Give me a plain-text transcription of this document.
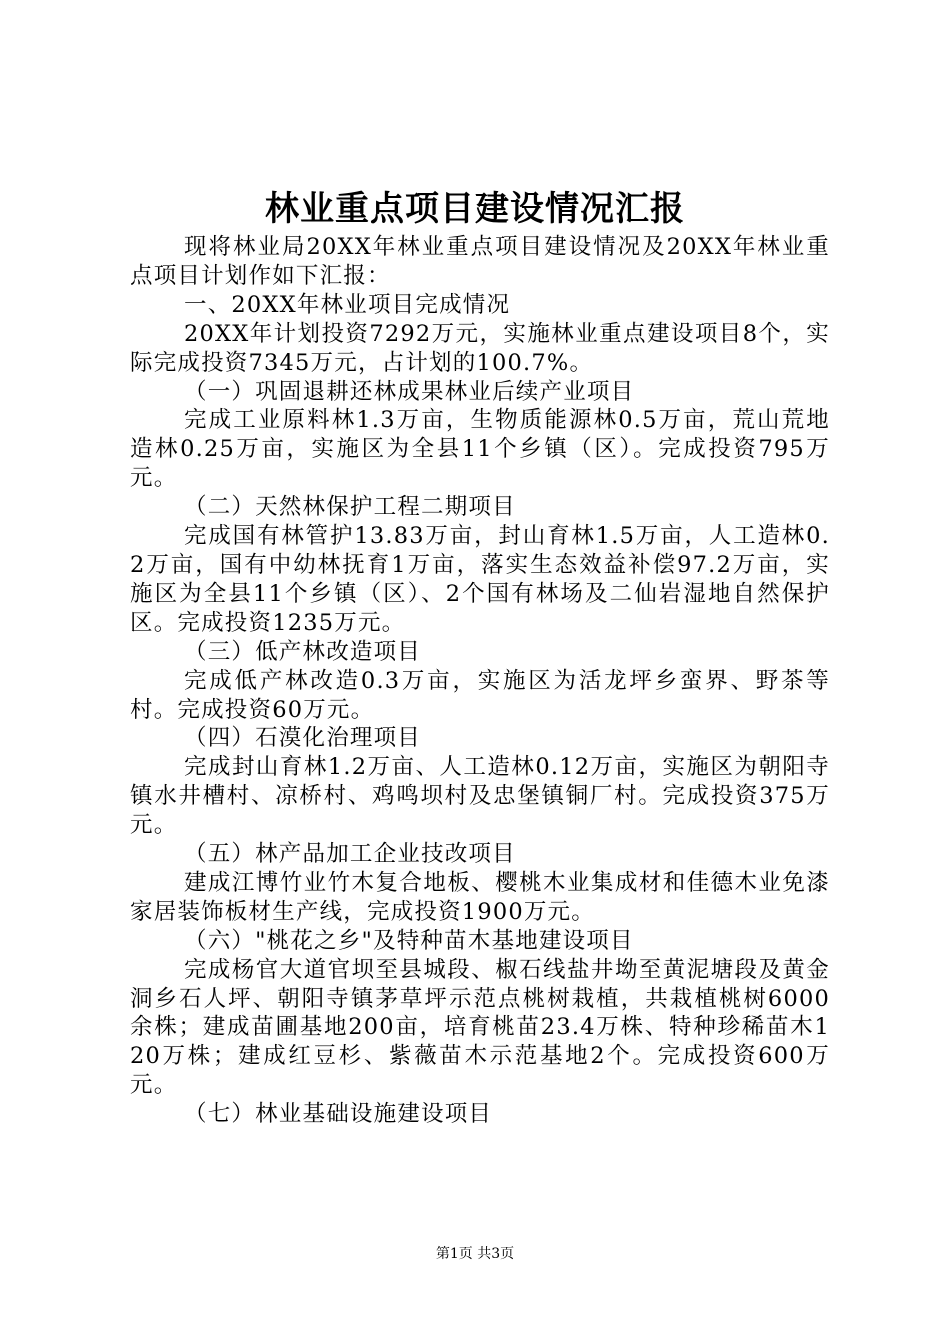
林业重点项目建设情况汇报

现将林业局20XX年林业重点项目建设情况及20XX年林业重点项目计划作如下汇报：

一、20XX年林业项目完成情况

20XX年计划投资7292万元，实施林业重点建设项目8个，实际完成投资7345万元，占计划的100.7%。

（一）巩固退耕还林成果林业后续产业项目

完成工业原料林1.3万亩，生物质能源林0.5万亩，荒山荒地造林0.25万亩，实施区为全县11个乡镇（区）。完成投资795万元。

（二）天然林保护工程二期项目

完成国有林管护13.83万亩，封山育林1.5万亩，人工造林0.2万亩，国有中幼林抚育1万亩，落实生态效益补偿97.2万亩，实施区为全县11个乡镇（区）、2个国有林场及二仙岩湿地自然保护区。完成投资1235万元。

（三）低产林改造项目

完成低产林改造0.3万亩，实施区为活龙坪乡蛮界、野茶等村。完成投资60万元。

（四）石漠化治理项目

完成封山育林1.2万亩、人工造林0.12万亩，实施区为朝阳寺镇水井槽村、凉桥村、鸡鸣坝村及忠堡镇铜厂村。完成投资375万元。

（五）林产品加工企业技改项目

建成江博竹业竹木复合地板、樱桃木业集成材和佳德木业免漆家居装饰板材生产线，完成投资1900万元。

（六）"桃花之乡"及特种苗木基地建设项目

完成杨官大道官坝至县城段、椒石线盐井坳至黄泥塘段及黄金洞乡石人坪、朝阳寺镇茅草坪示范点桃树栽植，共栽植桃树6000余株；建成苗圃基地200亩，培育桃苗23.4万株、特种珍稀苗木120万株；建成红豆杉、紫薇苗木示范基地2个。完成投资600万元。

（七）林业基础设施建设项目

第1页 共3页
